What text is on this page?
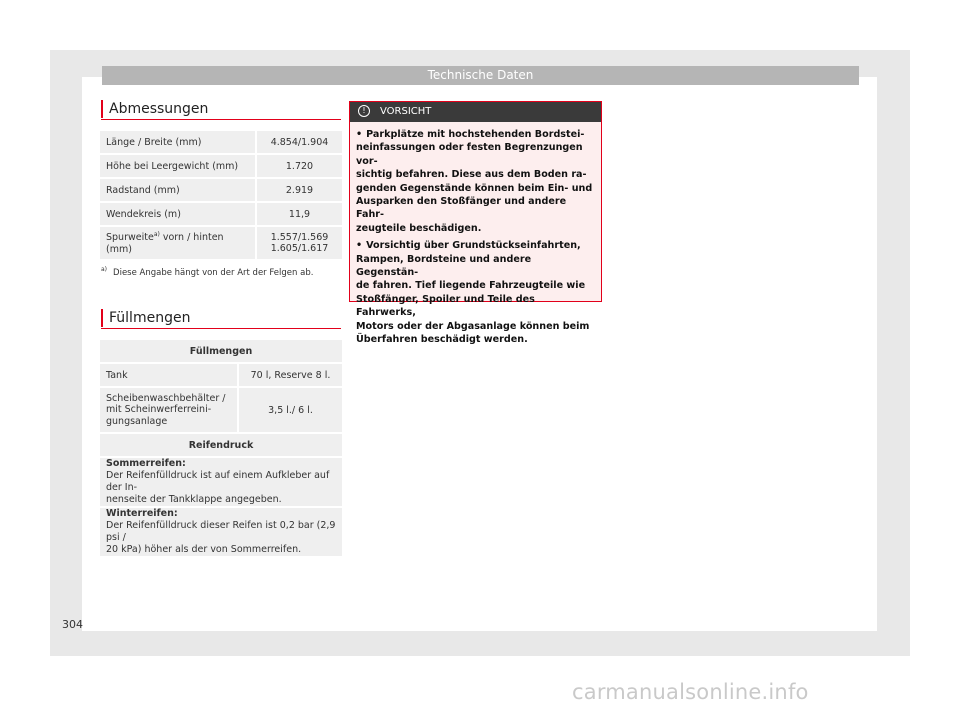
Technische Daten
Abmessungen
Länge / Breite (mm)	4.854/1.904
Höhe bei Leergewicht (mm)	1.720
Radstand (mm)	2.919
Wendekreis (m)	11,9
Spurweite$^{a)}$ vorn / hinten (mm)	1.557/1.569
1.605/1.617
$^{a)}$ Diese Angabe hängt von der Art der Felgen ab.
Füllmengen
Füllmengen	
Tank	70 l, Reserve 8 l.

Scheibenwaschbehälter /
mit Scheinwerferreini-
gungsanlage	3,5 l./ 6 l.
Reifendruck	

Sommerreifen:
Der Reifenfülldruck ist auf einem Aufkleber auf der In-
nenseite der Tankklappe angegeben.	

Winterreifen:
Der Reifenfülldruck dieser Reifen ist 0,2 bar (2,9 psi /
20 kPa) höher als der von Sommerreifen.	
! VORSICHT
• Parkplätze mit hochstehenden Bordstei-
neinfassungen oder festen Begrenzungen vor-
sichtig befahren. Diese aus dem Boden ra-
genden Gegenstände können beim Ein- und
Ausparken den Stoßfänger und andere Fahr-
zeugteile beschädigen.
• Vorsichtig über Grundstückseinfahrten,
Rampen, Bordsteine und andere Gegenstän-
de fahren. Tief liegende Fahrzeugteile wie
Stoßfänger, Spoiler und Teile des Fahrwerks,
Motors oder der Abgasanlage können beim
Überfahren beschädigt werden.
304
carmanualsonline.info
